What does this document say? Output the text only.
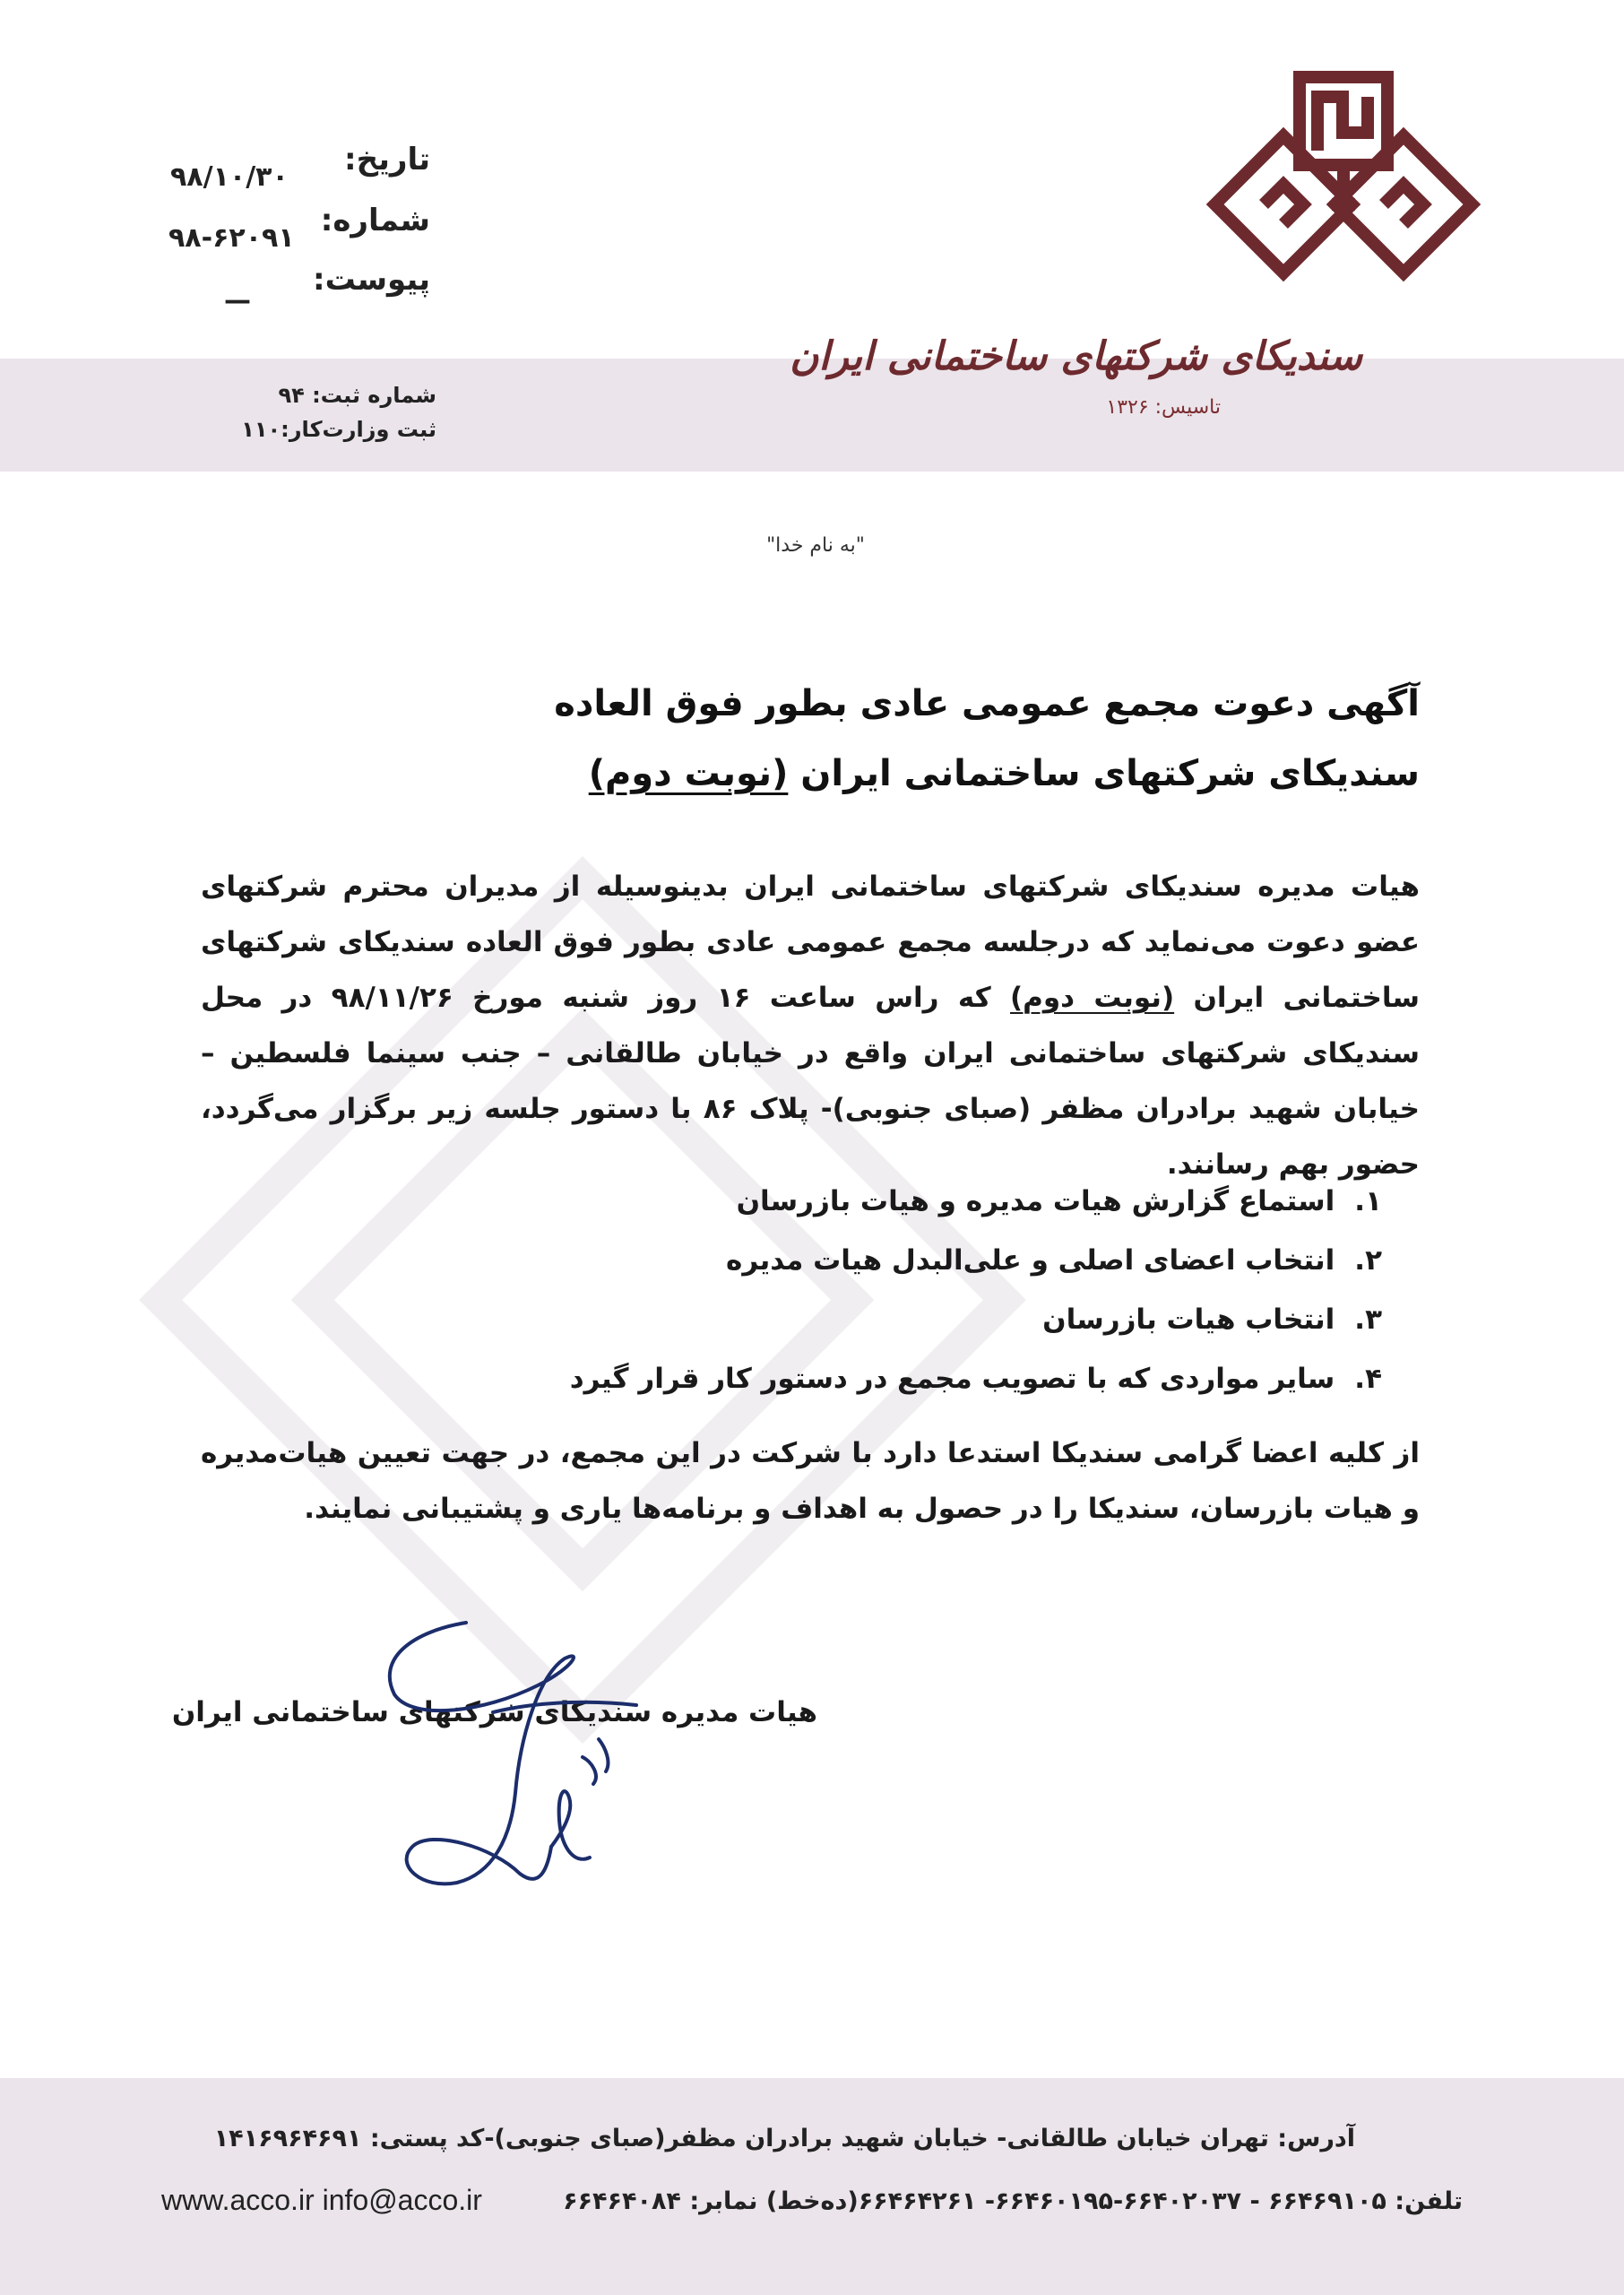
تاریخ:
۹۸/۱۰/۳۰
شماره:
۹۸-۶۲۰۹۱
پیوست:
—
شماره ثبت: ۹۴
ثبت وزارت‌کار:۱۱۰
سندیکای شرکتهای ساختمانی ایران
تاسیس: ۱۳۲۶
"به نام خدا"
آگهی دعوت مجمع عمومی عادی بطور فوق العاده
سندیکای شرکتهای ساختمانی ایران (نوبت دوم)
هیات مدیره سندیکای شرکتهای ساختمانی ایران بدینوسیله از مدیران محترم شرکتهای عضو دعوت می‌نماید که درجلسه مجمع عمومی عادی بطور فوق العاده سندیکای شرکتهای ساختمانی ایران (نوبت دوم) که راس ساعت ۱۶ روز شنبه مورخ ۹۸/۱۱/۲۶ در محل سندیکای شرکتهای ساختمانی ایران واقع در خیابان طالقانی – جنب سینما فلسطین – خیابان شهید برادران مظفر (صبای جنوبی)- پلاک ۸۶ با دستور جلسه زیر برگزار می‌گردد، حضور بهم رسانند.
۱.استماع گزارش هیات مدیره و هیات بازرسان
۲.انتخاب اعضای اصلی و علی‌البدل هیات مدیره
۳.انتخاب هیات بازرسان
۴.سایر مواردی که با تصویب مجمع در دستور کار قرار گیرد
از کلیه اعضا گرامی سندیکا استدعا دارد با شرکت در این مجمع، در جهت تعیین هیات‌مدیره و هیات بازرسان، سندیکا را در حصول به اهداف و برنامه‌ها یاری و پشتیبانی نمایند.
هیات مدیره سندیکای شرکتهای ساختمانی ایران
آدرس: تهران خیابان طالقانی- خیابان شهید برادران مظفر(صبای جنوبی)-کد پستی: ۱۴۱۶۹۶۴۶۹۱
تلفن: ۶۶۴۶۹۱۰۵ - ۶۶۴۰۲۰۳۷-۶۶۴۶۰۱۹۵- ۶۶۴۶۴۲۶۱(ده‌خط) نمابر: ۶۶۴۶۴۰۸۴
www.acco.ir info@acco.ir
